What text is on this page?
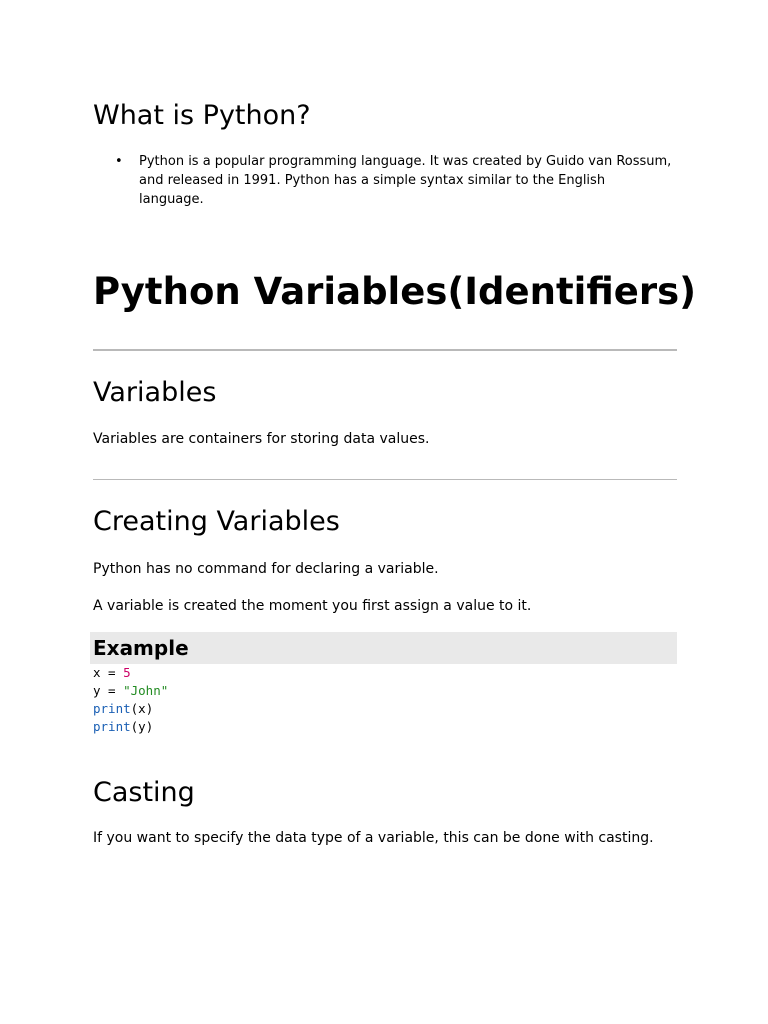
What is Python?
• Python is a popular programming language. It was created by Guido van Rossum,
and released in 1991. Python has a simple syntax similar to the English
language.
Python Variables(Identifiers)
Variables

Variables are containers for storing data values.

Creating Variables

Python has no command for declaring a variable.

A variable is created the moment you first assign a value to it.

Example
x = 5
y = "John"
print(x)
print(y)
Casting

If you want to specify the data type of a variable, this can be done with casting.
